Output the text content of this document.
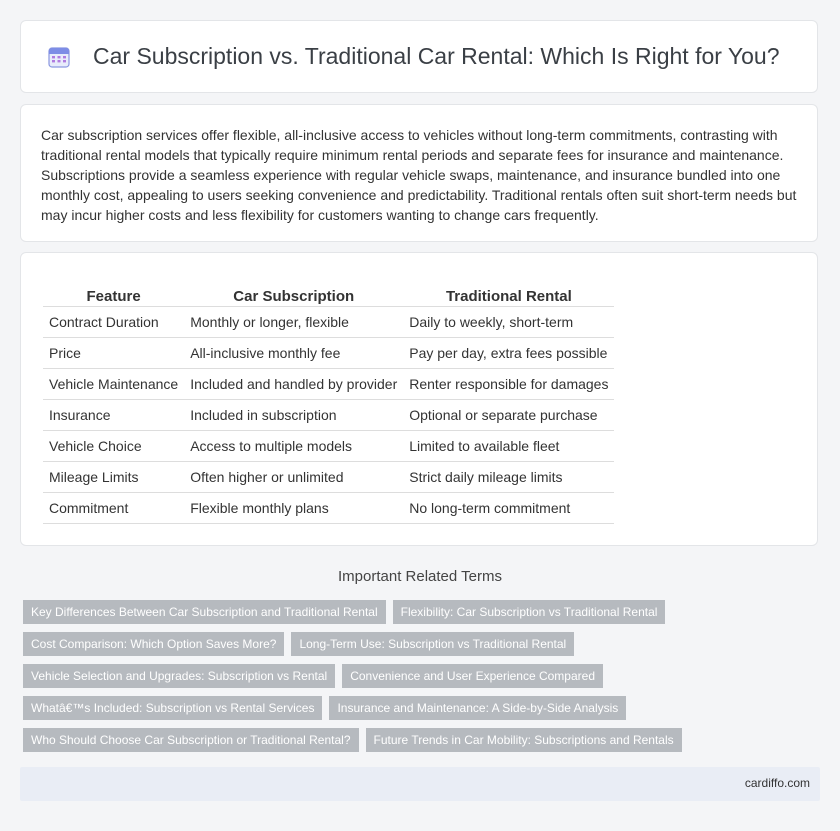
Car Subscription vs. Traditional Car Rental: Which Is Right for You?

Car subscription services offer flexible, all-inclusive access to vehicles without long-term commitments, contrasting with traditional rental models that typically require minimum rental periods and separate fees for insurance and maintenance. Subscriptions provide a seamless experience with regular vehicle swaps, maintenance, and insurance bundled into one monthly cost, appealing to users seeking convenience and predictability. Traditional rentals often suit short-term needs but may incur higher costs and less flexibility for customers wanting to change cars frequently.

Feature	Car Subscription	Traditional Rental
Contract Duration	Monthly or longer, flexible	Daily to weekly, short-term
Price	All-inclusive monthly fee	Pay per day, extra fees possible
Vehicle Maintenance	Included and handled by provider	Renter responsible for damages
Insurance	Included in subscription	Optional or separate purchase
Vehicle Choice	Access to multiple models	Limited to available fleet
Mileage Limits	Often higher or unlimited	Strict daily mileage limits
Commitment	Flexible monthly plans	No long-term commitment
Important Related Terms
Key Differences Between Car Subscription and Traditional Rental	Flexibility: Car Subscription vs Traditional Rental
Cost Comparison: Which Option Saves More?	Long-Term Use: Subscription vs Traditional Rental
Vehicle Selection and Upgrades: Subscription vs Rental	Convenience and User Experience Compared
Whatâ€™s Included: Subscription vs Rental Services	Insurance and Maintenance: A Side-by-Side Analysis
Who Should Choose Car Subscription or Traditional Rental?	Future Trends in Car Mobility: Subscriptions and Rentals
cardiffo.com
